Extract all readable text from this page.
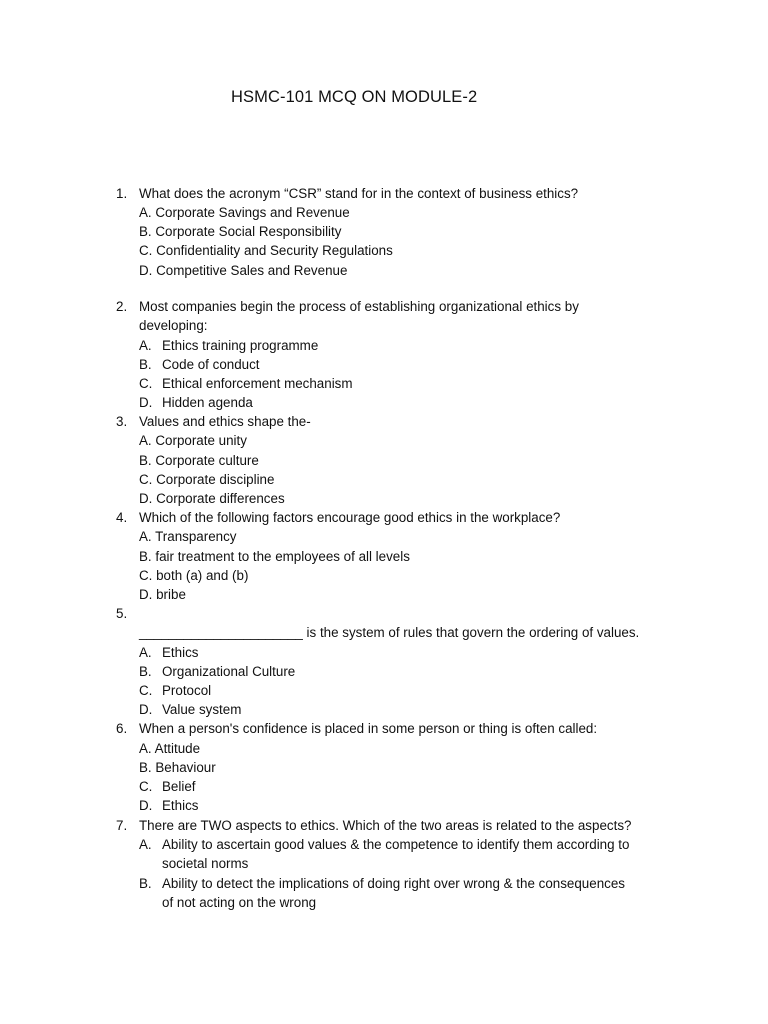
HSMC-101 MCQ ON MODULE-2
1. What does the acronym “CSR” stand for in the context of business ethics?
A. Corporate Savings and Revenue
B. Corporate Social Responsibility
C. Confidentiality and Security Regulations
D. Competitive Sales and Revenue
2. Most companies begin the process of establishing organizational ethics by
developing:
A. Ethics training programme
B. Code of conduct
C. Ethical enforcement mechanism
D. Hidden agenda
3. Values and ethics shape the-
A. Corporate unity
B. Corporate culture
C. Corporate discipline
D. Corporate differences
4. Which of the following factors encourage good ethics in the workplace?
A. Transparency
B. fair treatment to the employees of all levels
C. both (a) and (b)
D. bribe
5.
______________________ is the system of rules that govern the ordering of values.
A. Ethics
B. Organizational Culture
C. Protocol
D. Value system
6. When a person's confidence is placed in some person or thing is often called:
A. Attitude
B. Behaviour
C. Belief
D. Ethics
7. There are TWO aspects to ethics. Which of the two areas is related to the aspects?
A. Ability to ascertain good values & the competence to identify them according to
societal norms
B. Ability to detect the implications of doing right over wrong & the consequences
of not acting on the wrong
